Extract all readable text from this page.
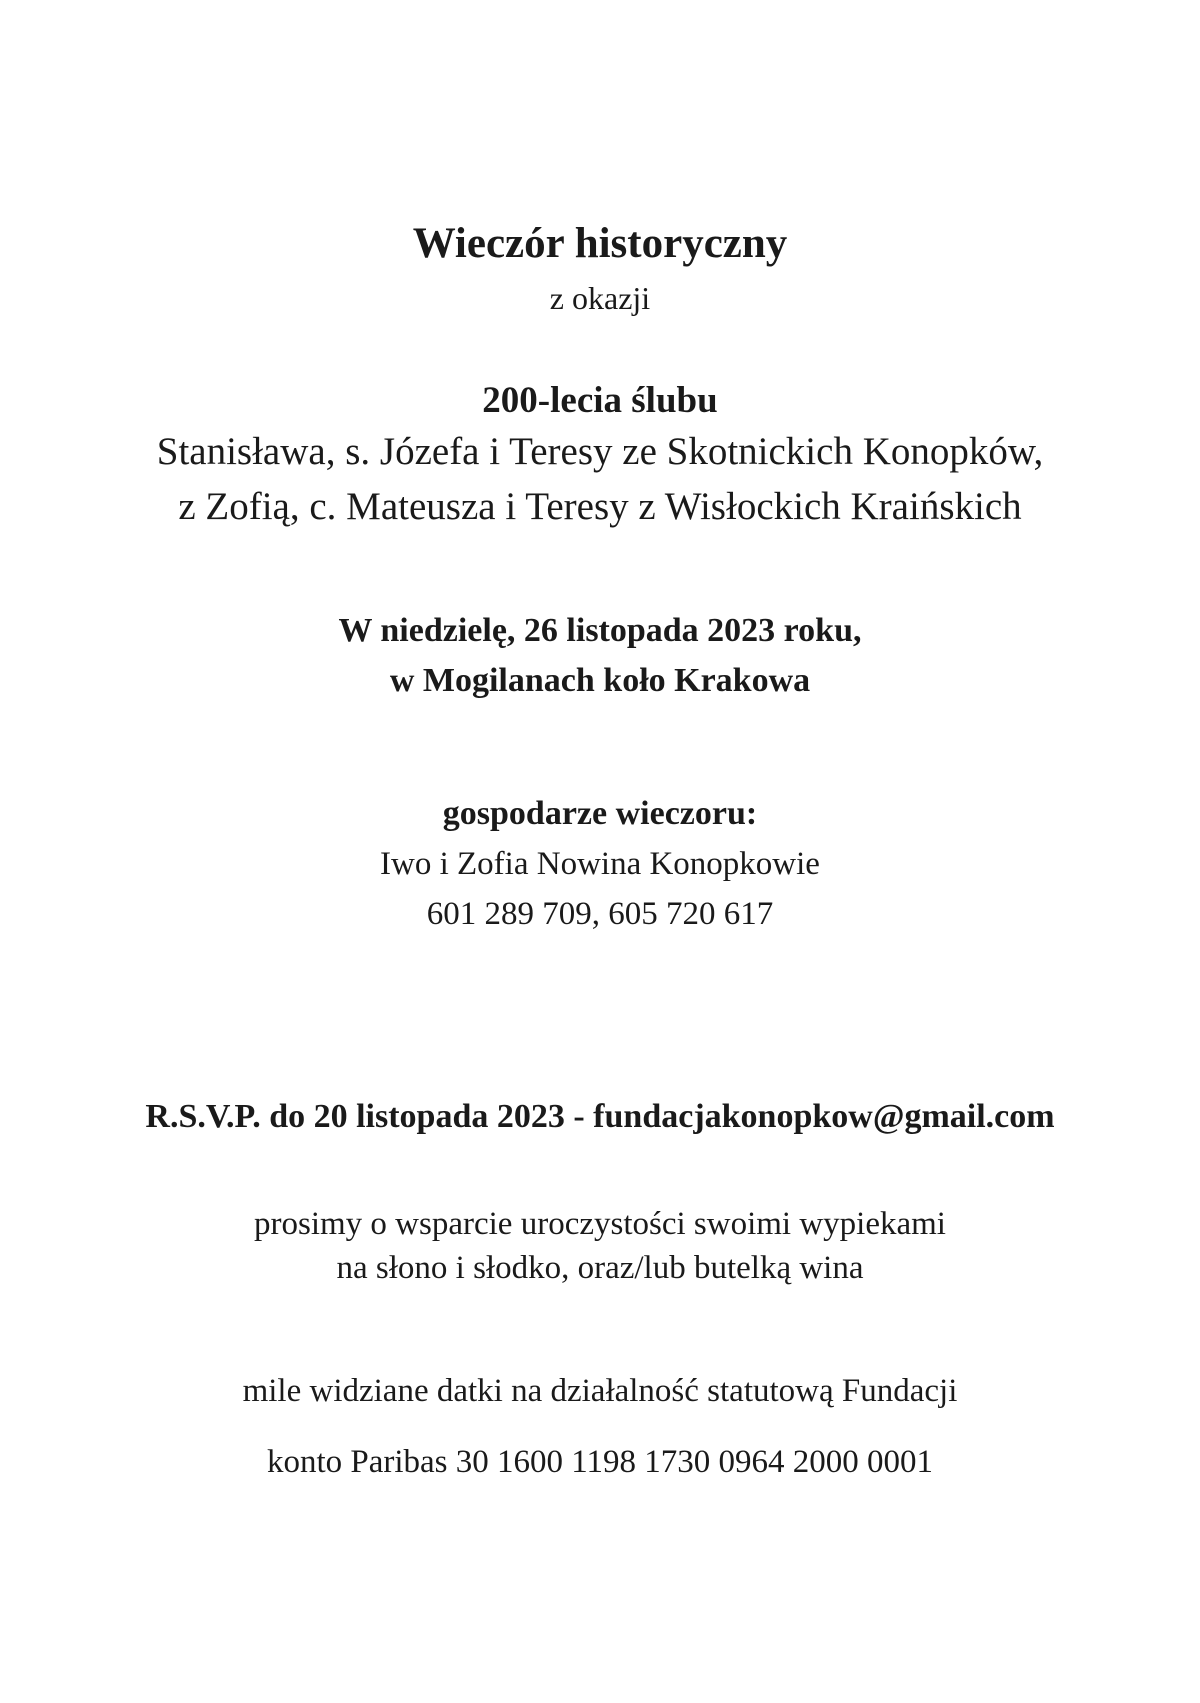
Wieczór historyczny
z okazji
200-lecia ślubu
Stanisława, s. Józefa i Teresy ze Skotnickich Konopków,
z Zofią, c. Mateusza i Teresy z Wisłockich Kraińskich
W niedzielę, 26 listopada 2023 roku,
w Mogilanach koło Krakowa
gospodarze wieczoru:
Iwo i Zofia Nowina Konopkowie
601 289 709, 605 720 617
R.S.V.P. do 20 listopada 2023 - fundacjakonopkow@gmail.com
prosimy o wsparcie uroczystości swoimi wypiekami
na słono i słodko, oraz/lub butelką wina
mile widziane datki na działalność statutową Fundacji
konto Paribas 30 1600 1198 1730 0964 2000 0001
